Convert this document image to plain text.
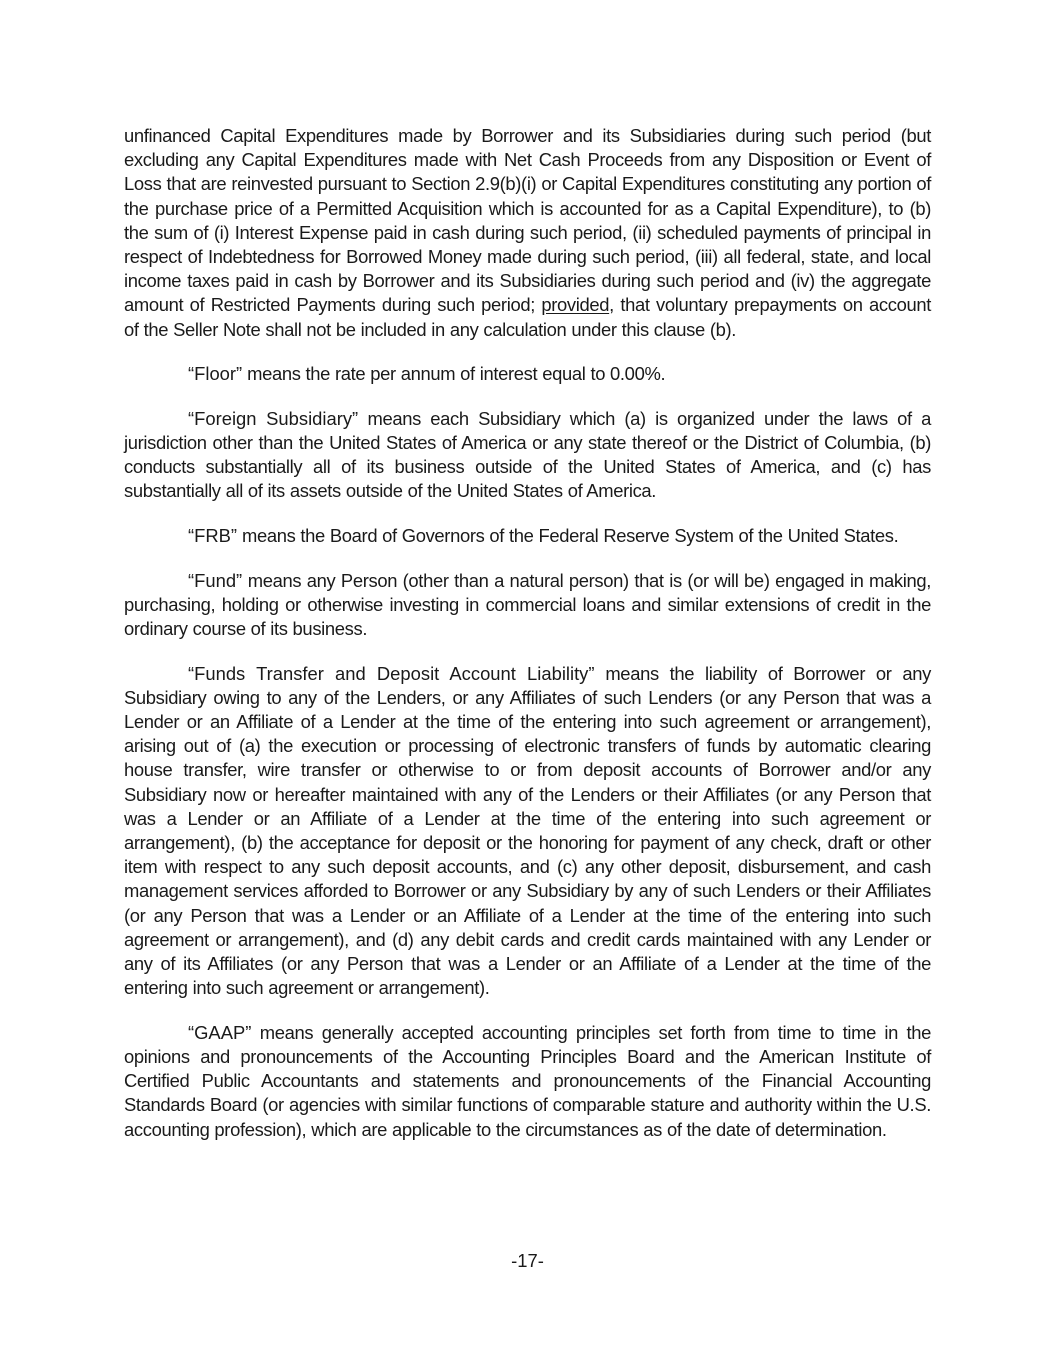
unfinanced Capital Expenditures made by Borrower and its Subsidiaries during such period (but excluding any Capital Expenditures made with Net Cash Proceeds from any Disposition or Event of Loss that are reinvested pursuant to Section 2.9(b)(i) or Capital Expenditures constituting any portion of the purchase price of a Permitted Acquisition which is accounted for as a Capital Expenditure), to (b) the sum of (i) Interest Expense paid in cash during such period, (ii) scheduled payments of principal in respect of Indebtedness for Borrowed Money made during such period, (iii) all federal, state, and local income taxes paid in cash by Borrower and its Subsidiaries during such period and (iv) the aggregate amount of Restricted Payments during such period; provided, that voluntary prepayments on account of the Seller Note shall not be included in any calculation under this clause (b).

“Floor” means the rate per annum of interest equal to 0.00%.

“Foreign Subsidiary” means each Subsidiary which (a) is organized under the laws of a jurisdiction other than the United States of America or any state thereof or the District of Columbia, (b) conducts substantially all of its business outside of the United States of America, and (c) has substantially all of its assets outside of the United States of America.

“FRB” means the Board of Governors of the Federal Reserve System of the United States.

“Fund” means any Person (other than a natural person) that is (or will be) engaged in making, purchasing, holding or otherwise investing in commercial loans and similar extensions of credit in the ordinary course of its business.

“Funds Transfer and Deposit Account Liability” means the liability of Borrower or any Subsidiary owing to any of the Lenders, or any Affiliates of such Lenders (or any Person that was a Lender or an Affiliate of a Lender at the time of the entering into such agreement or arrangement), arising out of (a) the execution or processing of electronic transfers of funds by automatic clearing house transfer, wire transfer or otherwise to or from deposit accounts of Borrower and/or any Subsidiary now or hereafter maintained with any of the Lenders or their Affiliates (or any Person that was a Lender or an Affiliate of a Lender at the time of the entering into such agreement or arrangement), (b) the acceptance for deposit or the honoring for payment of any check, draft or other item with respect to any such deposit accounts, and (c) any other deposit, disbursement, and cash management services afforded to Borrower or any Subsidiary by any of such Lenders or their Affiliates (or any Person that was a Lender or an Affiliate of a Lender at the time of the entering into such agreement or arrangement), and (d) any debit cards and credit cards maintained with any Lender or any of its Affiliates (or any Person that was a Lender or an Affiliate of a Lender at the time of the entering into such agreement or arrangement).

“GAAP” means generally accepted accounting principles set forth from time to time in the opinions and pronouncements of the Accounting Principles Board and the American Institute of Certified Public Accountants and statements and pronouncements of the Financial Accounting Standards Board (or agencies with similar functions of comparable stature and authority within the U.S. accounting profession), which are applicable to the circumstances as of the date of determination.

-17-
